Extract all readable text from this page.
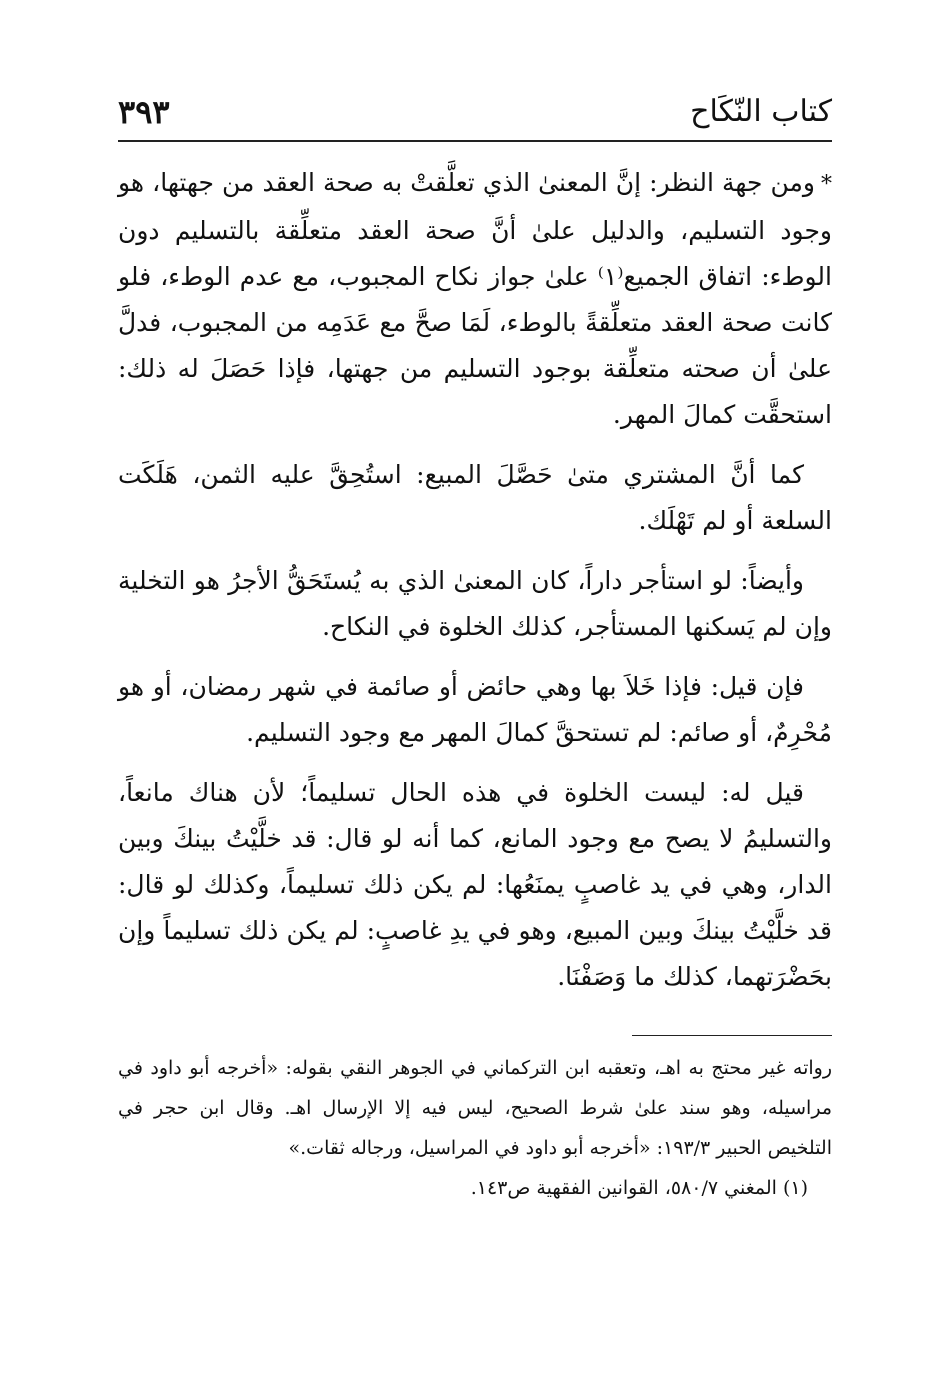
كتاب النّكَاح
٣٩٣

*ومن جهة النظر: إنَّ المعنىٰ الذي تعلَّقتْ به صحة العقد من جهتها، هو وجود التسليم، والدليل علىٰ أنَّ صحة العقد متعلِّقة بالتسليم دون الوطء: اتفاق الجميع⁽١⁾ علىٰ جواز نكاح المجبوب، مع عدم الوطء، فلو كانت صحة العقد متعلِّقةً بالوطء، لَمَا صحَّ مع عَدَمِه من المجبوب، فدلَّ علىٰ أن صحته متعلِّقة بوجود التسليم من جهتها، فإذا حَصَلَ له ذلك: استحقَّت كمالَ المهر.

كما أنَّ المشتري متىٰ حَصَّلَ المبيع: استُحِقَّ عليه الثمن، هَلَكَت السلعة أو لم تَهْلَك.

وأيضاً: لو استأجر داراً، كان المعنىٰ الذي به يُستَحَقُّ الأجرُ هو التخلية وإن لم يَسكنها المستأجر، كذلك الخلوة في النكاح.

فإن قيل: فإذا خَلاَ بها وهي حائض أو صائمة في شهر رمضان، أو هو مُحْرِمٌ، أو صائم: لم تستحقَّ كمالَ المهر مع وجود التسليم.

قيل له: ليست الخلوة في هذه الحال تسليماً؛ لأن هناك مانعاً، والتسليمُ لا يصح مع وجود المانع، كما أنه لو قال: قد خلَّيْتُ بينكَ وبين الدار، وهي في يد غاصبٍ يمنَعُها: لم يكن ذلك تسليماً، وكذلك لو قال: قد خلَّيْتُ بينكَ وبين المبيع، وهو في يدِ غاصبٍ: لم يكن ذلك تسليماً وإن بحَضْرَتهما، كذلك ما وَصَفْنَا.

رواته غير محتج به اهـ، وتعقبه ابن التركماني في الجوهر النقي بقوله: «أخرجه أبو داود في مراسيله، وهو سند علىٰ شرط الصحيح، ليس فيه إلا الإرسال اهـ. وقال ابن حجر في التلخيص الحبير ١٩٣/٣: «أخرجه أبو داود في المراسيل، ورجاله ثقات.»

(١) المغني ٥٨٠/٧، القوانين الفقهية ص١٤٣.
